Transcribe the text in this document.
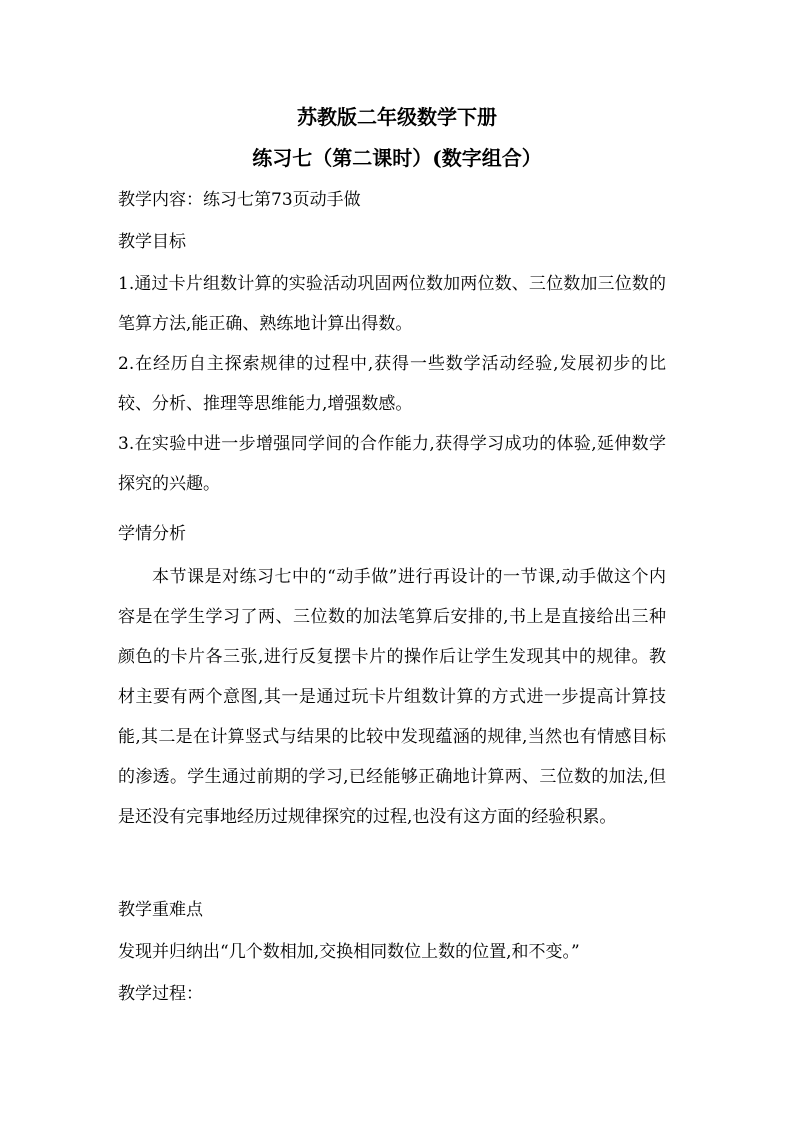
苏教版二年级数学下册
练习七（第二课时）(数字组合）
教学内容：练习七第73页动手做
教学目标
1.通过卡片组数计算的实验活动巩固两位数加两位数、三位数加三位数的笔算方法,能正确、熟练地计算出得数。
2.在经历自主探索规律的过程中,获得一些数学活动经验,发展初步的比较、分析、推理等思维能力,增强数感。
3.在实验中进一步增强同学间的合作能力,获得学习成功的体验,延伸数学探究的兴趣。
学情分析
本节课是对练习七中的“动手做”进行再设计的一节课,动手做这个内容是在学生学习了两、三位数的加法笔算后安排的,书上是直接给出三种颜色的卡片各三张,进行反复摆卡片的操作后让学生发现其中的规律。教材主要有两个意图,其一是通过玩卡片组数计算的方式进一步提高计算技能,其二是在计算竖式与结果的比较中发现蕴涵的规律,当然也有情感目标的渗透。学生通过前期的学习,已经能够正确地计算两、三位数的加法,但是还没有完事地经历过规律探究的过程,也没有这方面的经验积累。
教学重难点
发现并归纳出“几个数相加,交换相同数位上数的位置,和不变。”
教学过程：
